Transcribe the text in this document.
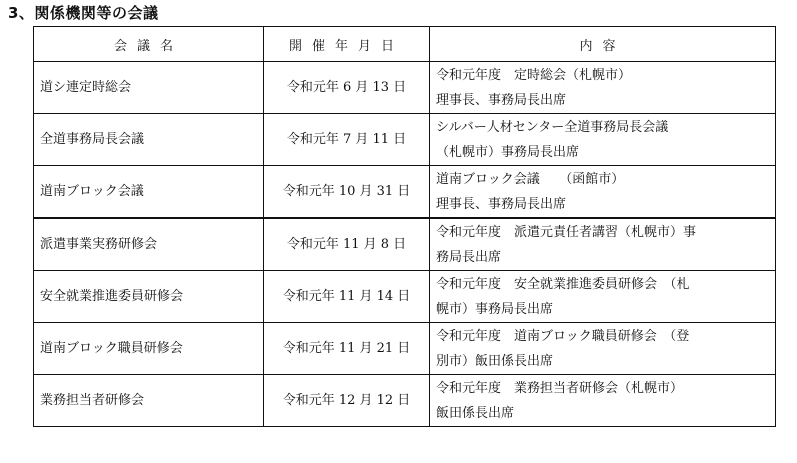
3、関係機関等の会議
会議名	開催年月日	内容
道シ連定時総会	令和元年 6 月 13 日	令和元年度　定時総会（札幌市）
理事長、事務局長出席

全道事務局長会議	令和元年 7 月 11 日	シルバー人材センター全道事務局長会議
（札幌市）事務局長出席

道南ブロック会議	令和元年 10 月 31 日	道南ブロック会議　　（函館市）
理事長、事務局長出席

派遣事業実務研修会	令和元年 11 月 8 日	令和元年度　派遣元責任者講習（札幌市）事
務局長出席

安全就業推進委員研修会	令和元年 11 月 14 日	令和元年度　安全就業推進委員研修会　（札
幌市）事務局長出席

道南ブロック職員研修会	令和元年 11 月 21 日	令和元年度　道南ブロック職員研修会　（登
別市）飯田係長出席

業務担当者研修会	令和元年 12 月 12 日	令和元年度　業務担当者研修会（札幌市）
飯田係長出席
